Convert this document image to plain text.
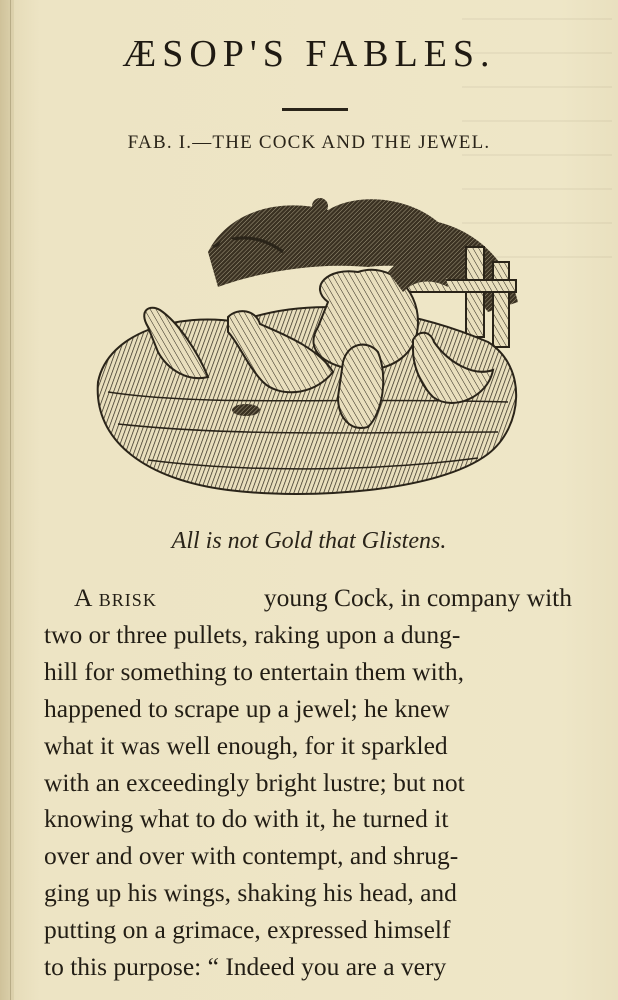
ÆSOP'S FABLES.
FAB. I.—THE COCK AND THE JEWEL.
All is not Gold that Glistens.
A brisk	young Cock, in company with
two or three pullets, raking upon a dung-
hill for something to entertain them with,
happened to scrape up a jewel; he knew
what it was well enough, for it sparkled
with an exceedingly bright lustre; but not
knowing what to do with it, he turned it
over and over with contempt, and shrug-
ging up his wings, shaking his head, and
putting on a grimace, expressed himself
to this purpose: “ Indeed you are a very
